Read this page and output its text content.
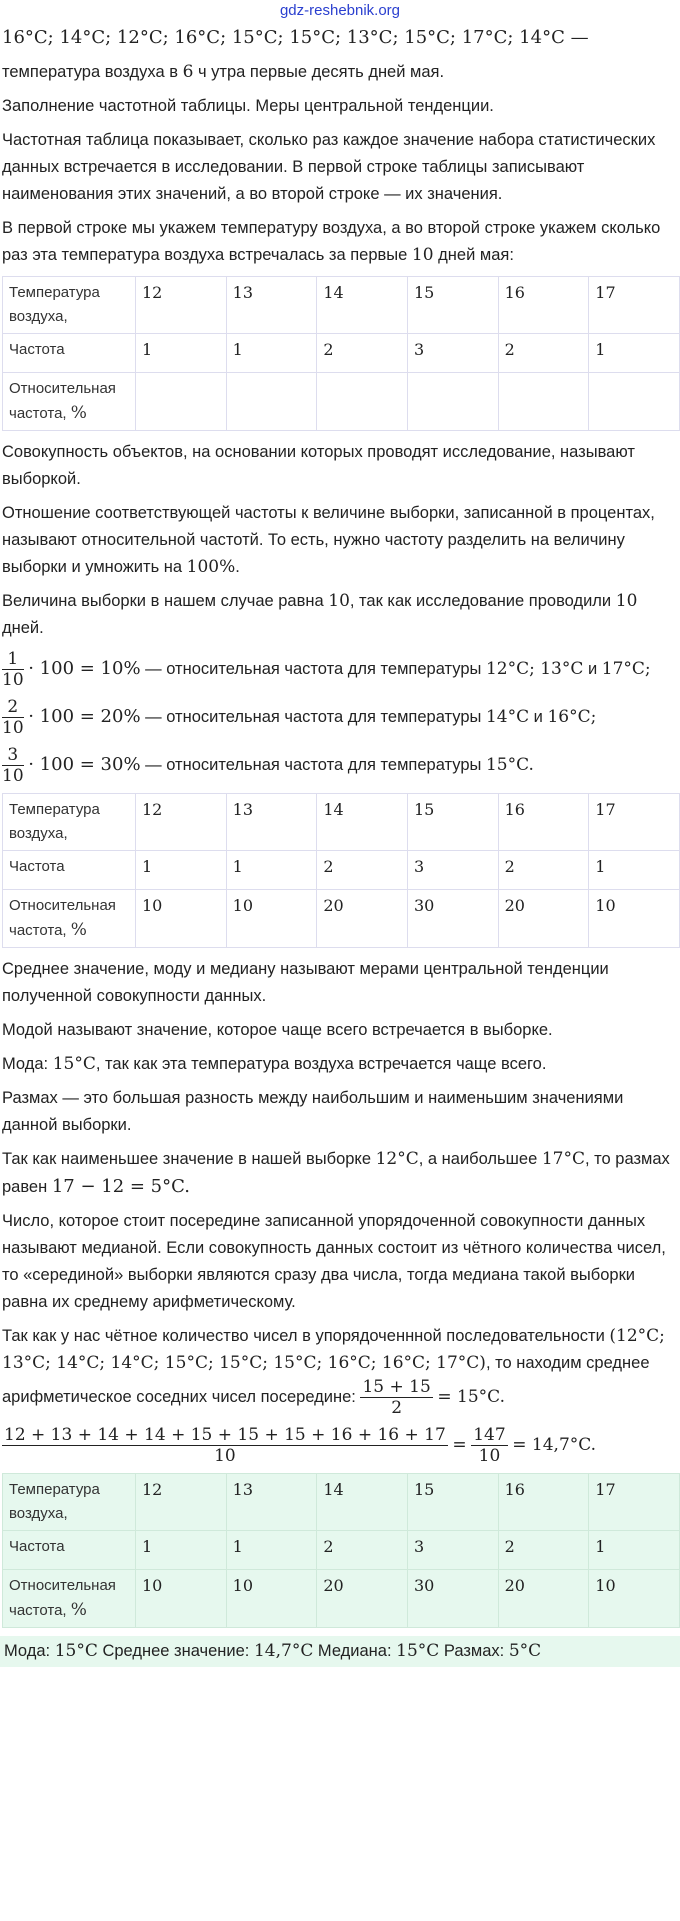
gdz-reshebnik.org

16°C; 14°C; 12°C; 16°C; 15°C; 15°C; 13°C; 15°C; 17°C; 14°C —

температура воздуха в 6 ч утра первые десять дней мая.

Заполнение частотной таблицы. Меры центральной тенденции.

Частотная таблица показывает, сколько раз каждое значение набора статистических данных встречается в исследовании. В первой строке таблицы записывают наименования этих значений, а во второй строке — их значения.

В первой строке мы укажем температуру воздуха, а во второй строке укажем сколько раз эта температура воздуха встречалась за первые 10 дней мая:

Температура воздуха,	12	13	14	15	16	17
Частота	1	1	2	3	2	1
Относительная частота, %						

Совокупность объектов, на основании которых проводят исследование, называют выборкой.

Отношение соответствующей частоты к величине выборки, записанной в процентах, называют относительной частотй. То есть, нужно частоту разделить на величину выборки и умножить на 100%.

Величина выборки в нашем случае равна 10, так как исследование проводили 10 дней.

$\frac{1}{10} \cdot 100 = 10\%$ — относительная частота для температуры 12°C; 13°C и 17°C;

$\frac{2}{10} \cdot 100 = 20\%$ — относительная частота для температуры 14°C и 16°C;

$\frac{3}{10} \cdot 100 = 30\%$ — относительная частота для температуры 15°C.

Температура воздуха,	12	13	14	15	16	17
Частота	1	1	2	3	2	1
Относительная частота, %	10	10	20	30	20	10

Среднее значение, моду и медиану называют мерами центральной тенденции полученной совокупности данных.

Модой называют значение, которое чаще всего встречается в выборке.

Мода: 15°C, так как эта температура воздуха встречается чаще всего.

Размах — это большая разность между наибольшим и наименьшим значениями данной выборки.

Так как наименьшее значение в нашей выборке 12°C, а наибольшее 17°C, то размах равен 17 − 12 = 5°C.

Число, которое стоит посередине записанной упорядоченной совокупности данных называют медианой. Если совокупность данных состоит из чётного количества чисел, то «серединой» выборки являются сразу два числа, тогда медиана такой выборки равна их среднему арифметическому.

Так как у нас чётное количество чисел в упорядоченнной последовательности (12°C; 13°C; 14°C; 14°C; 15°C; 15°C; 15°C; 16°C; 16°C; 17°C), то находим среднее арифметическое соседних чисел посередине: $\frac{15 + 15}{2} = 15^\circ C$.

$\frac{12 + 13 + 14 + 14 + 15 + 15 + 15 + 16 + 16 + 17}{10} = \frac{147}{10} = 14,7^\circ C$.

Температура воздуха,	12	13	14	15	16	17
Частота	1	1	2	3	2	1
Относительная частота, %	10	10	20	30	20	10

Мода: 15°C Среднее значение: 14,7°C Медиана: 15°C Размах: 5°C
